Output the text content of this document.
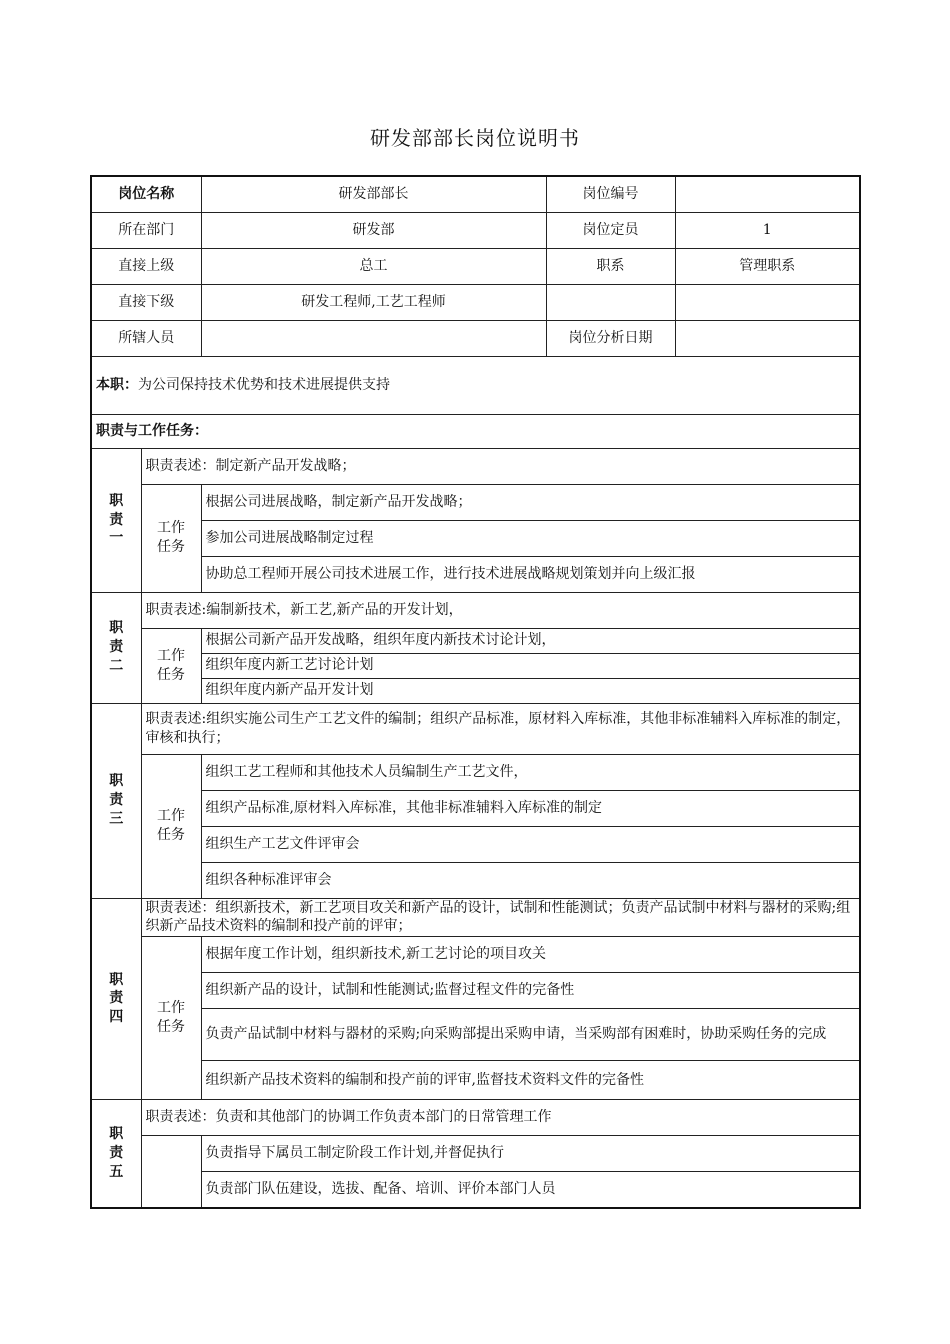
研发部部长岗位说明书
岗位名称		研发部部长	岗位编号	
所在部门		研发部	岗位定员	1
直接上级		总工	职系	管理职系
直接下级		研发工程师,工艺工程师		
所辖人员			岗位分析日期	
本职：为公司保持技术优势和技术进展提供支持				
职责与工作任务：				

职
责
一	职责表述：制定新产品开发战略；			

	工作
任务	根据公司进展战略，制定新产品开发战略；		
		参加公司进展战略制定过程		
		协助总工程师开展公司技术进展工作，进行技术进展战略规划策划并向上级汇报		

职
责
二	职责表述:编制新技术，新工艺,新产品的开发计划，			

	工作
任务	根据公司新产品开发战略，组织年度内新技术讨论计划，		
		组织年度内新工艺讨论计划		
		组织年度内新产品开发计划		

职
责
三	职责表述:组织实施公司生产工艺文件的编制；组织产品标准，原材料入库标准，其他非标准辅料入库标准的制定，审核和执行；			

	工作
任务	组织工艺工程师和其他技术人员编制生产工艺文件，		
		组织产品标准,原材料入库标准，其他非标准辅料入库标准的制定		
		组织生产工艺文件评审会		
		组织各种标准评审会		

职
责
四	职责表述：组织新技术，新工艺项目攻关和新产品的设计，试制和性能测试；负责产品试制中材料与器材的采购;组织新产品技术资料的编制和投产前的评审；			

	工作
任务	根据年度工作计划，组织新技术,新工艺讨论的项目攻关		
		组织新产品的设计，试制和性能测试;监督过程文件的完备性		
		负责产品试制中材料与器材的采购;向采购部提出采购申请，当采购部有困难时，协助采购任务的完成		
		组织新产品技术资料的编制和投产前的评审,监督技术资料文件的完备性		

职
责
五	职责表述：负责和其他部门的协调工作负责本部门的日常管理工作			
		负责指导下属员工制定阶段工作计划,并督促执行		
		负责部门队伍建设，选拔、配备、培训、评价本部门人员		
